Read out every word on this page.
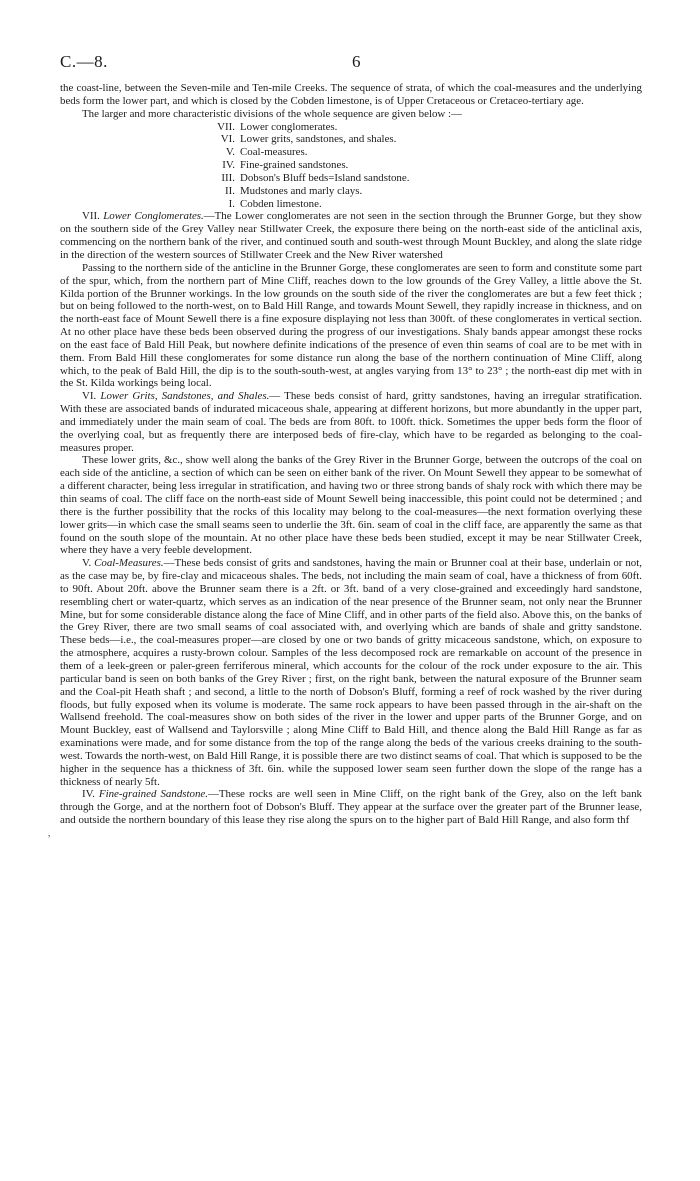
C.—8.	6

the coast-line, between the Seven-mile and Ten-mile Creeks. The sequence of strata, of which the coal-measures and the underlying beds form the lower part, and which is closed by the Cobden limestone, is of Upper Cretaceous or Cretaceo-tertiary age.

The larger and more characteristic divisions of the whole sequence are given below :—

VII. Lower conglomerates.
VI. Lower grits, sandstones, and shales.
V. Coal-measures.
IV. Fine-grained sandstones.
III. Dobson's Bluff beds=Island sandstone.
II. Mudstones and marly clays.
I. Cobden limestone.

VII. Lower Conglomerates.—The Lower conglomerates are not seen in the section through the Brunner Gorge, but they show on the southern side of the Grey Valley near Stillwater Creek, the exposure there being on the north-east side of the anticlinal axis, commencing on the northern bank of the river, and continued south and south-west through Mount Buckley, and along the slate ridge in the direction of the western sources of Stillwater Creek and the New River watershed

Passing to the northern side of the anticline in the Brunner Gorge, these conglomerates are seen to form and constitute some part of the spur, which, from the northern part of Mine Cliff, reaches down to the low grounds of the Grey Valley, a little above the St. Kilda portion of the Brunner workings. In the low grounds on the south side of the river the conglomerates are but a few feet thick ; but on being followed to the north-west, on to Bald Hill Range, and towards Mount Sewell, they rapidly increase in thickness, and on the north-east face of Mount Sewell there is a fine exposure displaying not less than 300ft. of these conglomerates in vertical section. At no other place have these beds been observed during the progress of our investigations. Shaly bands appear amongst these rocks on the east face of Bald Hill Peak, but nowhere definite indications of the presence of even thin seams of coal are to be met with in them. From Bald Hill these conglomerates for some distance run along the base of the northern continuation of Mine Cliff, along which, to the peak of Bald Hill, the dip is to the south-south-west, at angles varying from 13° to 23° ; the north-east dip met with in the St. Kilda workings being local.

VI. Lower Grits, Sandstones, and Shales.— These beds consist of hard, gritty sandstones, having an irregular stratification. With these are associated bands of indurated micaceous shale, appearing at different horizons, but more abundantly in the upper part, and immediately under the main seam of coal. The beds are from 80ft. to 100ft. thick. Sometimes the upper beds form the floor of the overlying coal, but as frequently there are interposed beds of fire-clay, which have to be regarded as belonging to the coal-measures proper.

These lower grits, &c., show well along the banks of the Grey River in the Brunner Gorge, between the outcrops of the coal on each side of the anticline, a section of which can be seen on either bank of the river. On Mount Sewell they appear to be somewhat of a different character, being less irregular in stratification, and having two or three strong bands of shaly rock with which there may be thin seams of coal. The cliff face on the north-east side of Mount Sewell being inaccessible, this point could not be determined ; and there is the further possibility that the rocks of this locality may belong to the coal-measures—the next formation overlying these lower grits—in which case the small seams seen to underlie the 3ft. 6in. seam of coal in the cliff face, are apparently the same as that found on the south slope of the mountain. At no other place have these beds been studied, except it may be near Stillwater Creek, where they have a very feeble development.

V. Coal-Measures.—These beds consist of grits and sandstones, having the main or Brunner coal at their base, underlain or not, as the case may be, by fire-clay and micaceous shales. The beds, not including the main seam of coal, have a thickness of from 60ft. to 90ft. About 20ft. above the Brunner seam there is a 2ft. or 3ft. band of a very close-grained and exceedingly hard sandstone, resembling chert or water-quartz, which serves as an indication of the near presence of the Brunner seam, not only near the Brunner Mine, but for some considerable distance along the face of Mine Cliff, and in other parts of the field also. Above this, on the banks of the Grey River, there are two small seams of coal associated with, and overlying which are bands of shale and gritty sandstone. These beds—i.e., the coal-measures proper—are closed by one or two bands of gritty micaceous sandstone, which, on exposure to the atmosphere, acquires a rusty-brown colour. Samples of the less decomposed rock are remarkable on account of the presence in them of a leek-green or paler-green ferriferous mineral, which accounts for the colour of the rock under exposure to the air. This particular band is seen on both banks of the Grey River ; first, on the right bank, between the natural exposure of the Brunner seam and the Coal-pit Heath shaft ; and second, a little to the north of Dobson's Bluff, forming a reef of rock washed by the river during floods, but fully exposed when its volume is moderate. The same rock appears to have been passed through in the air-shaft on the Wallsend freehold. The coal-measures show on both sides of the river in the lower and upper parts of the Brunner Gorge, and on Mount Buckley, east of Wallsend and Taylorsville ; along Mine Cliff to Bald Hill, and thence along the Bald Hill Range as far as examinations were made, and for some distance from the top of the range along the beds of the various creeks draining to the south-west. Towards the north-west, on Bald Hill Range, it is possible there are two distinct seams of coal. That which is supposed to be the higher in the sequence has a thickness of 3ft. 6in. while the supposed lower seam seen further down the slope of the range has a thickness of nearly 5ft.

IV. Fine-grained Sandstone.—These rocks are well seen in Mine Cliff, on the right bank of the Grey, also on the left bank through the Gorge, and at the northern foot of Dobson's Bluff. They appear at the surface over the greater part of the Brunner lease, and outside the northern boundary of this lease they rise along the spurs on to the higher part of Bald Hill Range, and also form thf

,
